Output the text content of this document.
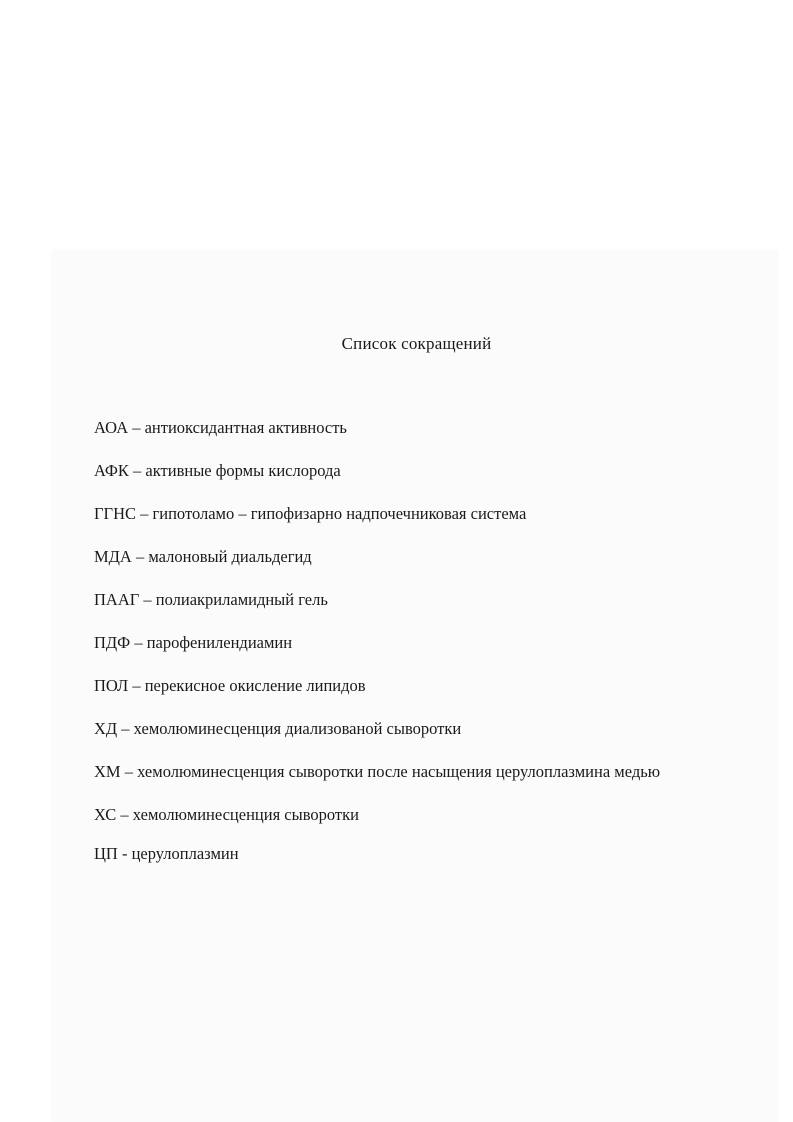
Список сокращений
АОА – антиоксидантная активность
АФК – активные формы кислорода
ГГНС – гипотоламо – гипофизарно надпочечниковая система
МДА – малоновый диальдегид
ПААГ – полиакриламидный гель
ПДФ – парофенилендиамин
ПОЛ – перекисное окисление липидов
ХД – хемолюминесценция диализованой сыворотки
ХМ – хемолюминесценция сыворотки после насыщения церулоплазмина медью
ХС – хемолюминесценция сыворотки
ЦП - церулоплазмин
